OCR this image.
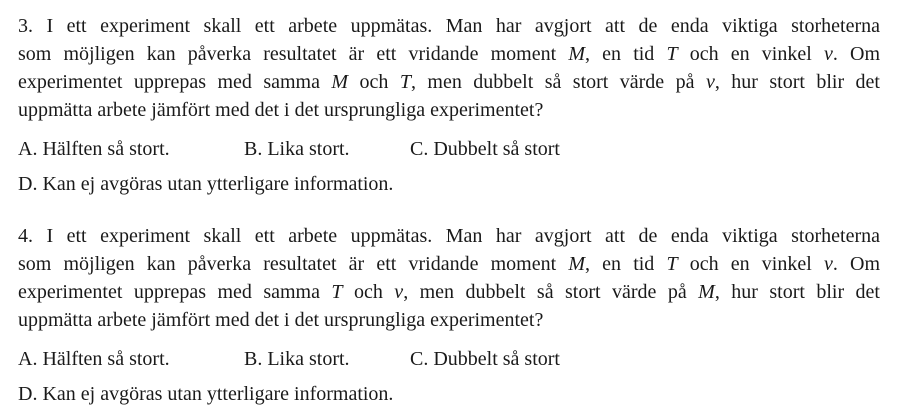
3. I ett experiment skall ett arbete uppmätas. Man har avgjort att de enda viktiga storheterna
som möjligen kan påverka resultatet är ett vridande moment M, en tid T och en vinkel v. Om
experimentet upprepas med samma M och T, men dubbelt så stort värde på v, hur stort blir det
uppmätta arbete jämfört med det i det ursprungliga experimentet?
A. Hälften så stort.	B. Lika stort.	C. Dubbelt så stort
D. Kan ej avgöras utan ytterligare information.
4. I ett experiment skall ett arbete uppmätas. Man har avgjort att de enda viktiga storheterna
som möjligen kan påverka resultatet är ett vridande moment M, en tid T och en vinkel v. Om
experimentet upprepas med samma T och v, men dubbelt så stort värde på M, hur stort blir det
uppmätta arbete jämfört med det i det ursprungliga experimentet?
A. Hälften så stort.	B. Lika stort.	C. Dubbelt så stort
D. Kan ej avgöras utan ytterligare information.
